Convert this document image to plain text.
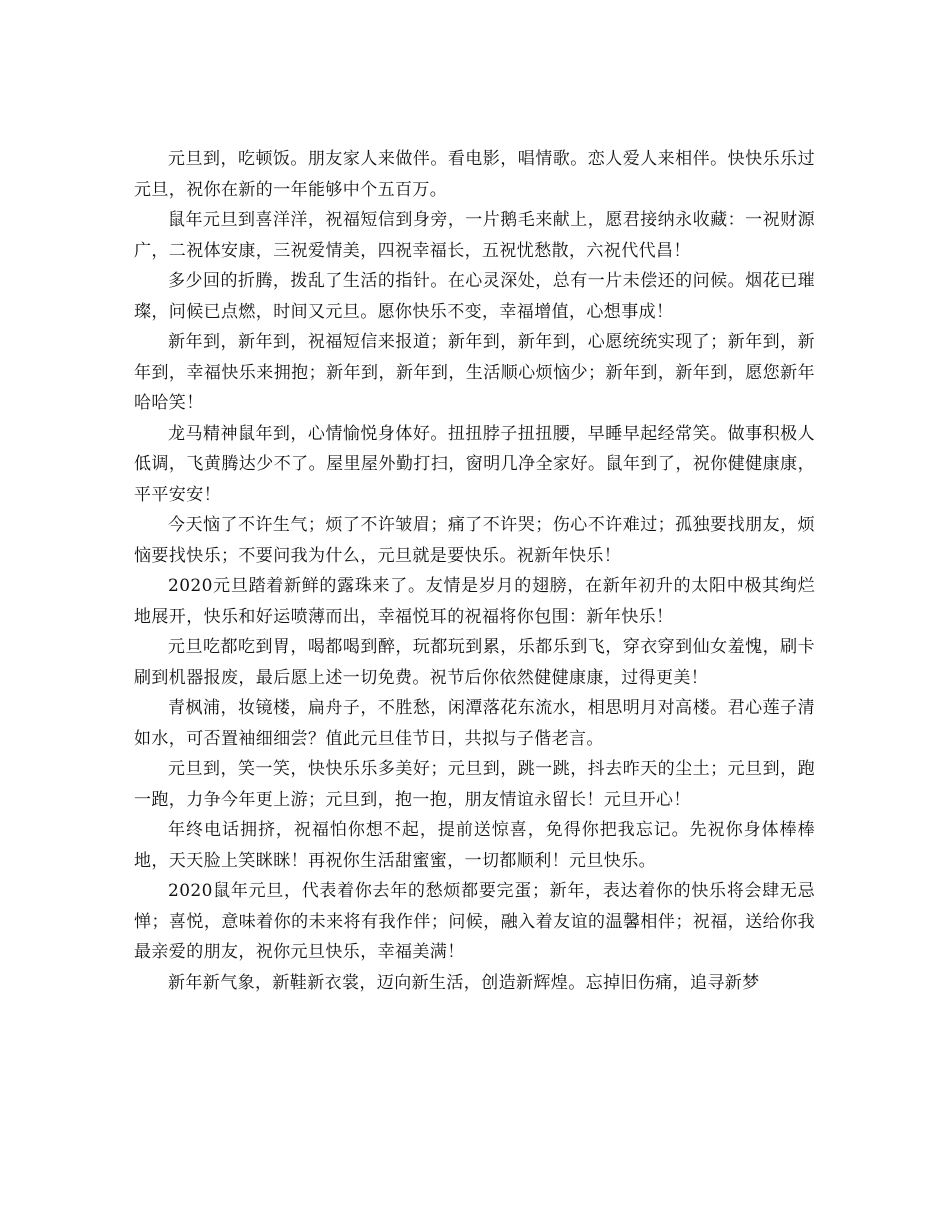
元旦到，吃顿饭。朋友家人来做伴。看电影，唱情歌。恋人爱人来相伴。快快乐乐过元旦，祝你在新的一年能够中个五百万。

鼠年元旦到喜洋洋，祝福短信到身旁，一片鹅毛来献上，愿君接纳永收藏：一祝财源广，二祝体安康，三祝爱情美，四祝幸福长，五祝忧愁散，六祝代代昌！

多少回的折腾，拨乱了生活的指针。在心灵深处，总有一片未偿还的问候。烟花已璀璨，问候已点燃，时间又元旦。愿你快乐不变，幸福增值，心想事成！

新年到，新年到，祝福短信来报道；新年到，新年到，心愿统统实现了；新年到，新年到，幸福快乐来拥抱；新年到，新年到，生活顺心烦恼少；新年到，新年到，愿您新年哈哈笑！

龙马精神鼠年到，心情愉悦身体好。扭扭脖子扭扭腰，早睡早起经常笑。做事积极人低调，飞黄腾达少不了。屋里屋外勤打扫，窗明几净全家好。鼠年到了，祝你健健康康，平平安安！

今天恼了不许生气；烦了不许皱眉；痛了不许哭；伤心不许难过；孤独要找朋友，烦恼要找快乐；不要问我为什么，元旦就是要快乐。祝新年快乐！

2020元旦踏着新鲜的露珠来了。友情是岁月的翅膀，在新年初升的太阳中极其绚烂地展开，快乐和好运喷薄而出，幸福悦耳的祝福将你包围：新年快乐！

元旦吃都吃到胃，喝都喝到醉，玩都玩到累，乐都乐到飞，穿衣穿到仙女羞愧，刷卡刷到机器报废，最后愿上述一切免费。祝节后你依然健健康康，过得更美！

青枫浦，妆镜楼，扁舟子，不胜愁，闲潭落花东流水，相思明月对高楼。君心莲子清如水，可否置袖细细尝？值此元旦佳节日，共拟与子偕老言。

元旦到，笑一笑，快快乐乐多美好；元旦到，跳一跳，抖去昨天的尘土；元旦到，跑一跑，力争今年更上游；元旦到，抱一抱，朋友情谊永留长！元旦开心！

年终电话拥挤，祝福怕你想不起，提前送惊喜，免得你把我忘记。先祝你身体棒棒地，天天脸上笑眯眯！再祝你生活甜蜜蜜，一切都顺利！元旦快乐。

2020鼠年元旦，代表着你去年的愁烦都要完蛋；新年，表达着你的快乐将会肆无忌惮；喜悦，意味着你的未来将有我作伴；问候，融入着友谊的温馨相伴；祝福，送给你我最亲爱的朋友，祝你元旦快乐，幸福美满！

新年新气象，新鞋新衣裳，迈向新生活，创造新辉煌。忘掉旧伤痛，追寻新梦
